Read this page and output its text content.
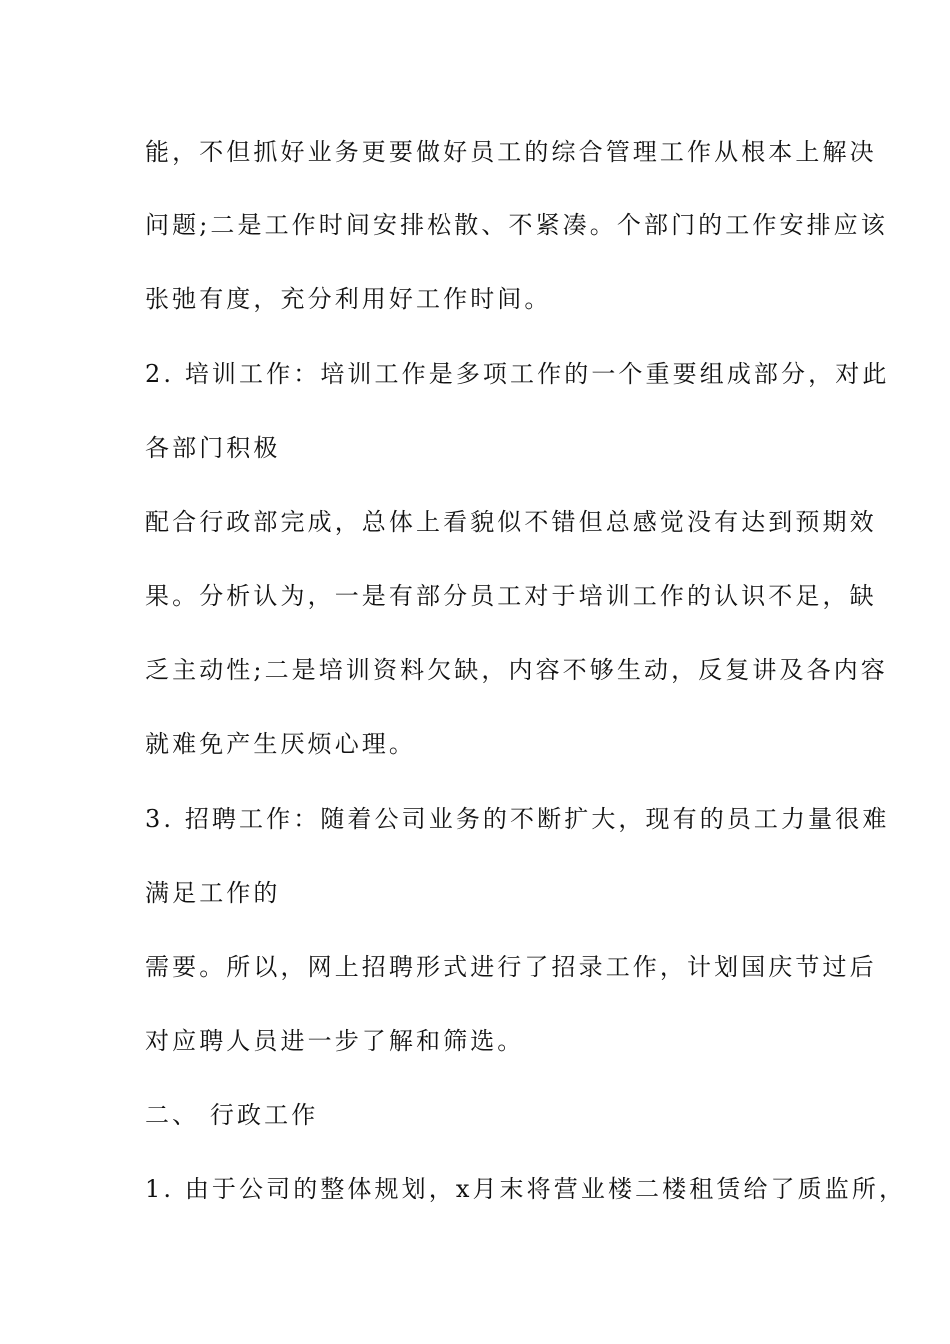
能，不但抓好业务更要做好员工的综合管理工作从根本上解决
问题;二是工作时间安排松散、不紧凑。个部门的工作安排应该
张弛有度，充分利用好工作时间。
2. 培训工作：培训工作是多项工作的一个重要组成部分，对此
各部门积极
配合行政部完成，总体上看貌似不错但总感觉没有达到预期效
果。分析认为，一是有部分员工对于培训工作的认识不足，缺
乏主动性;二是培训资料欠缺，内容不够生动，反复讲及各内容
就难免产生厌烦心理。
3. 招聘工作：随着公司业务的不断扩大，现有的员工力量很难
满足工作的
需要。所以，网上招聘形式进行了招录工作，计划国庆节过后
对应聘人员进一步了解和筛选。
二、 行政工作
1. 由于公司的整体规划，x月末将营业楼二楼租赁给了质监所，
